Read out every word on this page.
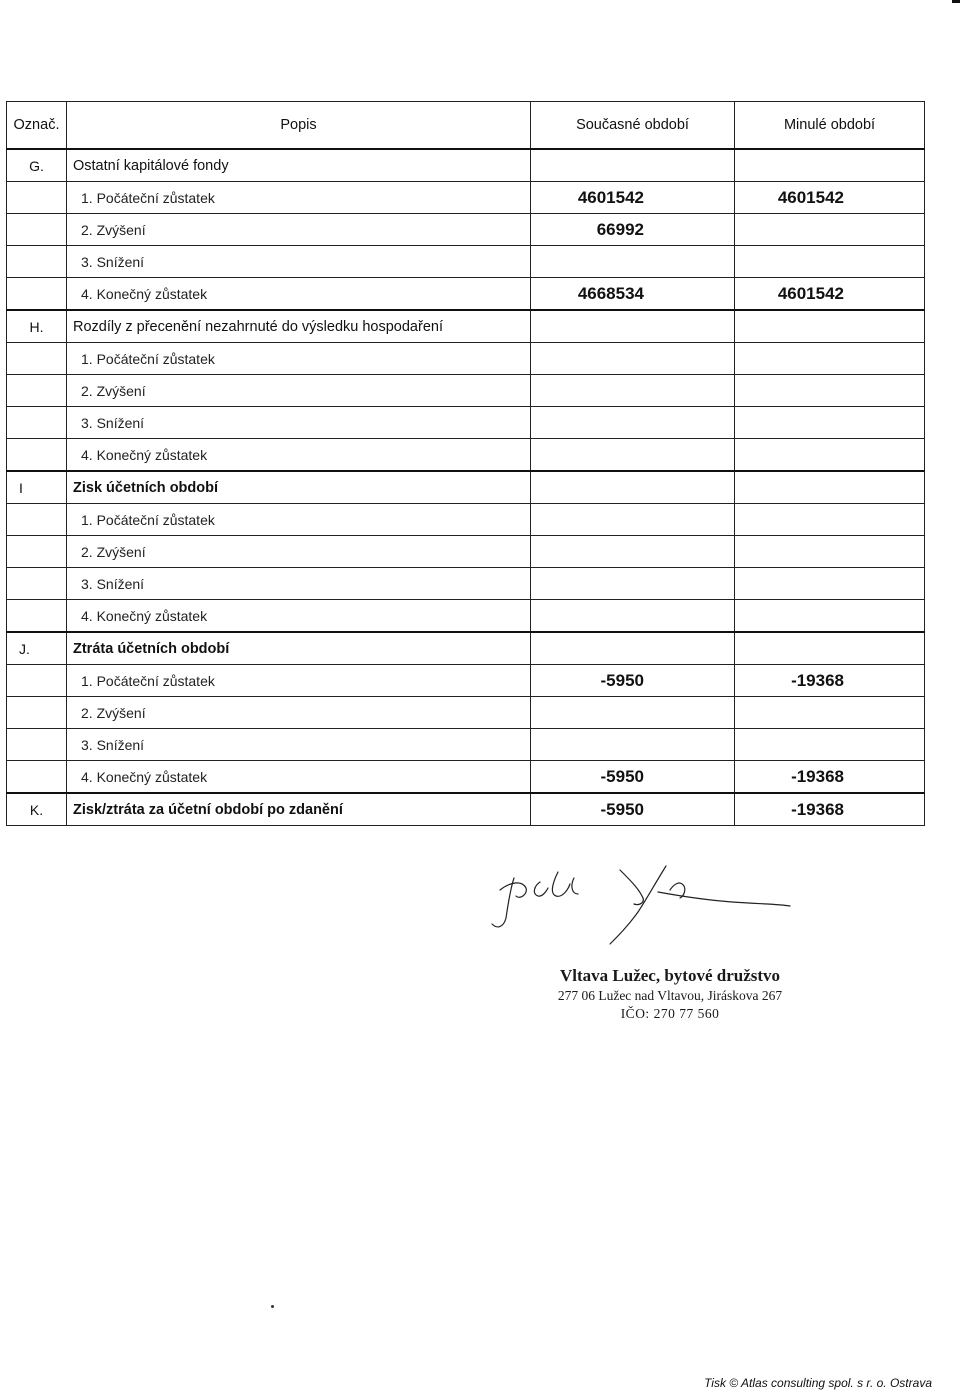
Označ.	Popis	Současné období	Minulé období
G.	Ostatní kapitálové fondy		
	1. Počáteční zůstatek	4601542	4601542
	2. Zvýšení	66992	
	3. Snížení		
	4. Konečný zůstatek	4668534	4601542
H.	Rozdíly z přecenění nezahrnuté do výsledku hospodaření		
	1. Počáteční zůstatek		
	2. Zvýšení		
	3. Snížení		
	4. Konečný zůstatek		
I	Zisk účetních období		
	1. Počáteční zůstatek		
	2. Zvýšení		
	3. Snížení		
	4. Konečný zůstatek		
J.	Ztráta účetních období		
	1. Počáteční zůstatek	-5950	-19368
	2. Zvýšení		
	3. Snížení		
	4. Konečný zůstatek	-5950	-19368
K.	Zisk/ztráta za účetní období po zdanění	-5950	-19368
Vltava Lužec, bytové družstvo
277 06 Lužec nad Vltavou, Jiráskova 267
IČO: 270 77 560
Tisk © Atlas consulting spol. s r. o. Ostrava
